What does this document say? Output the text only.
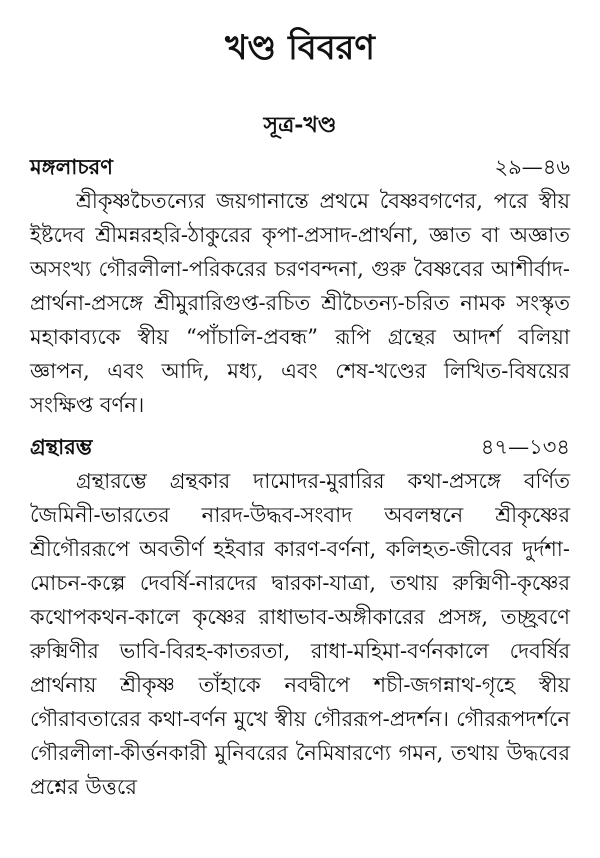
খণ্ড বিবরণ
সূত্র-খণ্ড
মঙ্গলাচরণ	২৯—৪৬

শ্রীকৃষ্ণচৈতন্যের জয়গানান্তে প্রথমে বৈষ্ণবগণের, পরে স্বীয় ইষ্টদেব শ্রীমন্নরহরি-ঠাকুরের কৃপা-প্রসাদ-প্রার্থনা, জ্ঞাত বা অজ্ঞাত অসংখ্য গৌরলীলা-পরিকরের চরণবন্দনা, গুরু বৈষ্ণবের আশীর্বাদ-প্রার্থনা-প্রসঙ্গে শ্রীমুরারিগুপ্ত-রচিত শ্রীচৈতন্য-চরিত নামক সংস্কৃত মহাকাব্যকে স্বীয় “পাঁচালি-প্রবন্ধ” রূপি গ্রন্থের আদর্শ বলিয়া জ্ঞাপন, এবং আদি, মধ্য, এবং শেষ-খণ্ডের লিখিত-বিষয়ের সংক্ষিপ্ত বর্ণন।

গ্রন্থারম্ভ	৪৭—১৩৪

গ্রন্থারম্ভে গ্রন্থকার দামোদর-মুরারির কথা-প্রসঙ্গে বর্ণিত জৈমিনী-ভারতের নারদ-উদ্ধব-সংবাদ অবলম্বনে শ্রীকৃষ্ণের শ্রীগৌররূপে অবতীর্ণ হইবার কারণ-বর্ণনা, কলিহত-জীবের দুর্দশা-মোচন-কল্পে দেবর্ষি-নারদের দ্বারকা-যাত্রা, তথায় রুক্মিণী-কৃষ্ণের কথোপকথন-কালে কৃষ্ণের রাধাভাব-অঙ্গীকারের প্রসঙ্গ, তচ্ছ্রবণে রুক্মিণীর ভাবি-বিরহ-কাতরতা, রাধা-মহিমা-বর্ণনকালে দেবর্ষির প্রার্থনায় শ্রীকৃষ্ণ তাঁহাকে নবদ্বীপে শচী-জগন্নাথ-গৃহে স্বীয় গৌরাবতারের কথা-বর্ণন মুখে স্বীয় গৌররূপ-প্রদর্শন। গৌররূপদর্শনে গৌরলীলা-কীর্ত্তনকারী মুনিবরের নৈমিষারণ্যে গমন, তথায় উদ্ধবের প্রশ্নের উত্তরে
